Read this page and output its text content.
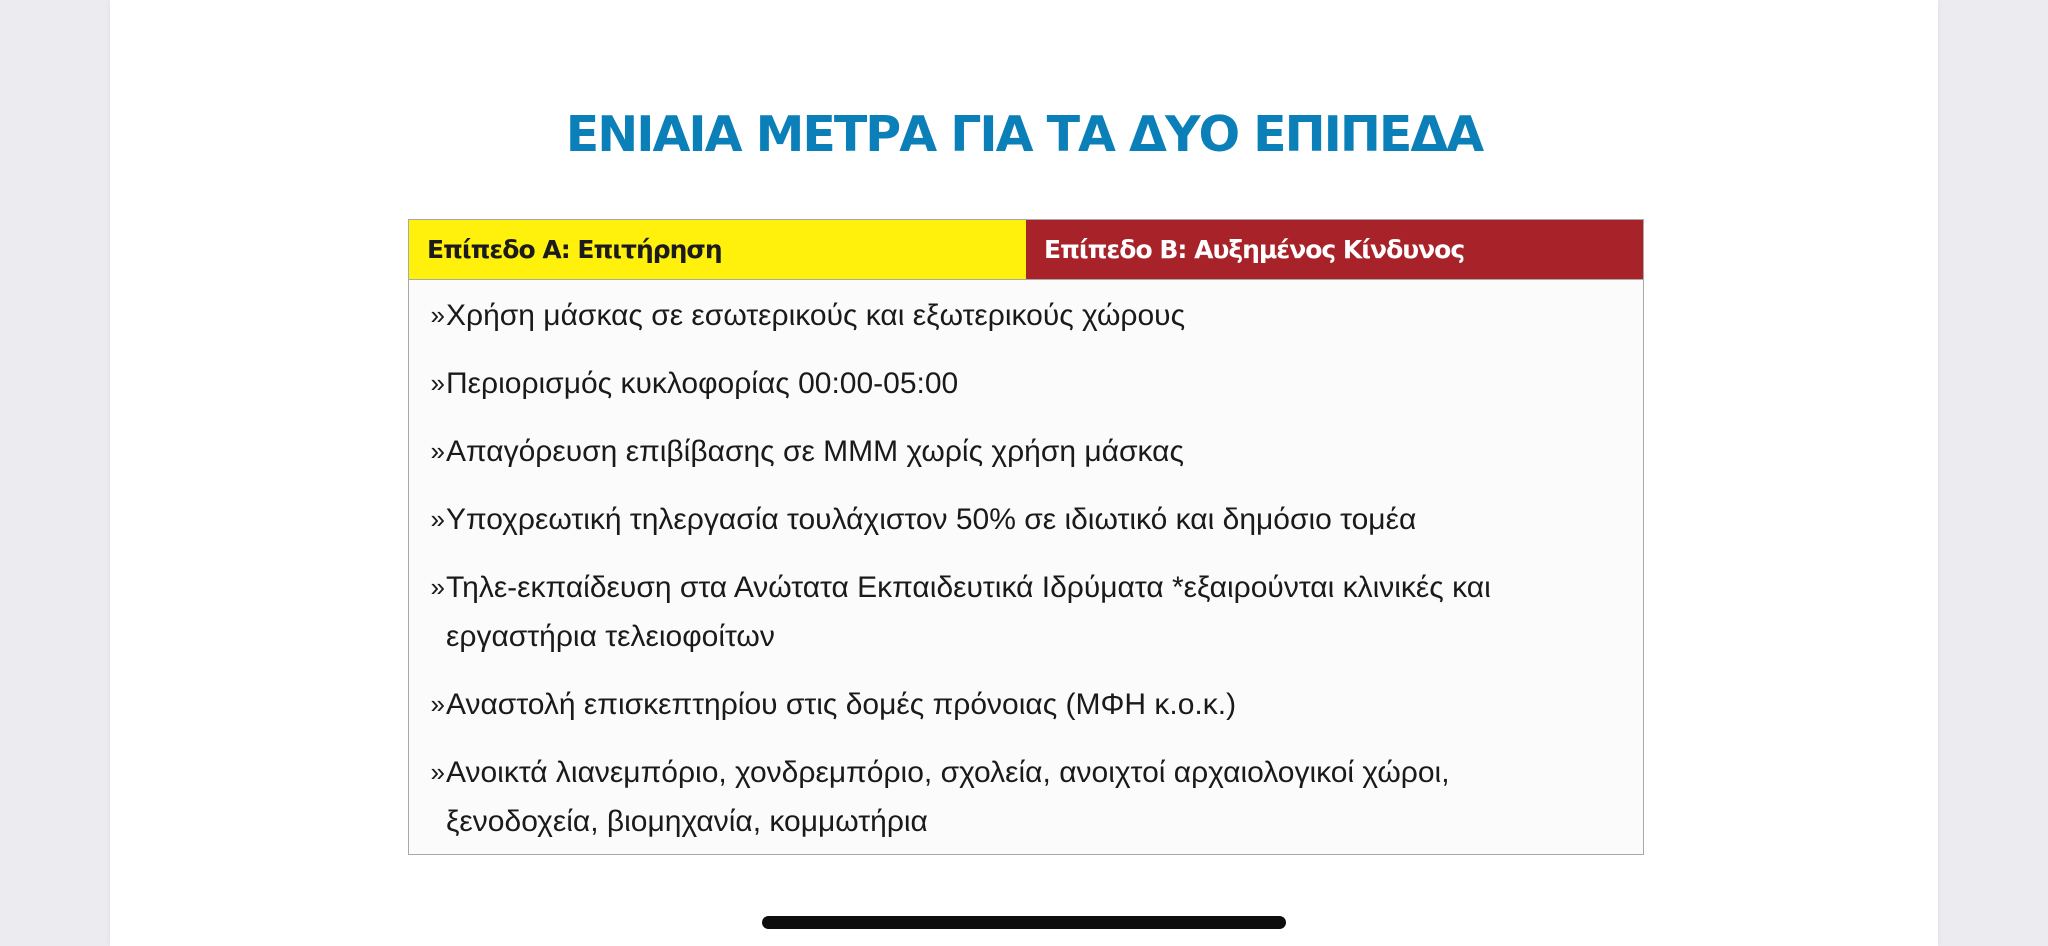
ΕΝΙΑΙΑ ΜΕΤΡΑ ΓΙΑ ΤΑ ΔΥΟ ΕΠΙΠΕΔΑ
Επίπεδο Α: Επιτήρηση	Επίπεδο Β: Αυξημένος Κίνδυνος
» Χρήση μάσκας σε εσωτερικούς και εξωτερικούς χώρους
» Περιορισμός κυκλοφορίας 00:00-05:00
» Απαγόρευση επιβίβασης σε ΜΜΜ χωρίς χρήση μάσκας
» Υποχρεωτική τηλεργασία τουλάχιστον 50% σε ιδιωτικό και δημόσιο τομέα
» Τηλε-εκπαίδευση στα Ανώτατα Εκπαιδευτικά Ιδρύματα *εξαιρούνται κλινικές και εργαστήρια τελειοφοίτων
» Αναστολή επισκεπτηρίου στις δομές πρόνοιας (ΜΦΗ κ.ο.κ.)
» Ανοικτά λιανεμπόριο, χονδρεμπόριο, σχολεία, ανοιχτοί αρχαιολογικοί χώροι, ξενοδοχεία, βιομηχανία, κομμωτήρια
